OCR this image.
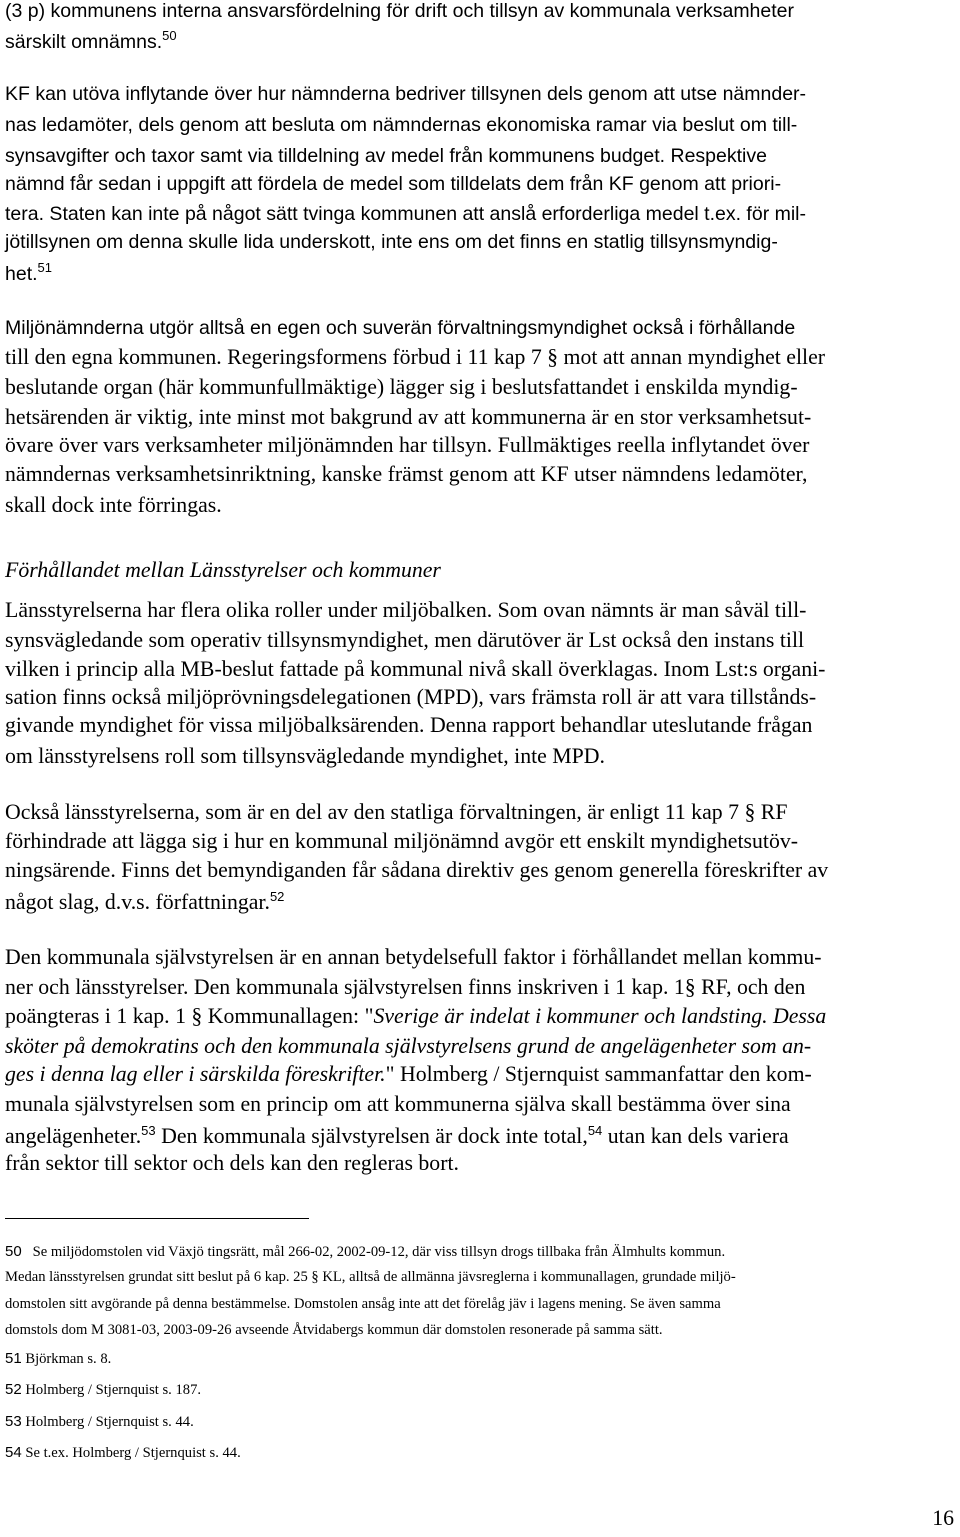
(3 p) kommunens interna ansvarsfördelning för drift och tillsyn av kommunala verksamheter
särskilt omnämns.$^{50}$
KF kan utöva inflytande över hur nämnderna bedriver tillsynen dels genom att utse nämnder-
nas ledamöter, dels genom att besluta om nämndernas ekonomiska ramar via beslut om till-
synsavgifter och taxor samt via tilldelning av medel från kommunens budget. Respektive
nämnd får sedan i uppgift att fördela de medel som tilldelats dem från KF genom att priori-
tera. Staten kan inte på något sätt tvinga kommunen att anslå erforderliga medel t.ex. för mil-
jötillsynen om denna skulle lida underskott, inte ens om det finns en statlig tillsynsmyndig-
het.$^{51}$
Miljönämnderna utgör alltså en egen och suverän förvaltningsmyndighet också i förhållande
till den egna kommunen. Regeringsformens förbud i 11 kap 7 § mot att annan myndighet eller
beslutande organ (här kommunfullmäktige) lägger sig i beslutsfattandet i enskilda myndig-
hetsärenden är viktig, inte minst mot bakgrund av att kommunerna är en stor verksamhetsut-
övare över vars verksamheter miljönämnden har tillsyn. Fullmäktiges reella inflytandet över
nämndernas verksamhetsinriktning, kanske främst genom att KF utser nämndens ledamöter,
skall dock inte förringas.
Förhållandet mellan Länsstyrelser och kommuner
Länsstyrelserna har flera olika roller under miljöbalken. Som ovan nämnts är man såväl till-
synsvägledande som operativ tillsynsmyndighet, men därutöver är Lst också den instans till
vilken i princip alla MB-beslut fattade på kommunal nivå skall överklagas. Inom Lst:s organi-
sation finns också miljöprövningsdelegationen (MPD), vars främsta roll är att vara tillstånds-
givande myndighet för vissa miljöbalksärenden. Denna rapport behandlar uteslutande frågan
om länsstyrelsens roll som tillsynsvägledande myndighet, inte MPD.
Också länsstyrelserna, som är en del av den statliga förvaltningen, är enligt 11 kap 7 § RF
förhindrade att lägga sig i hur en kommunal miljönämnd avgör ett enskilt myndighetsutöv-
ningsärende. Finns det bemyndiganden får sådana direktiv ges genom generella föreskrifter av
något slag, d.v.s. författningar.$^{52}$
Den kommunala självstyrelsen är en annan betydelsefull faktor i förhållandet mellan kommu-
ner och länsstyrelser. Den kommunala självstyrelsen finns inskriven i 1 kap. 1§ RF, och den
poängteras i 1 kap. 1 § Kommunallagen: "Sverige är indelat i kommuner och landsting. Dessa
sköter på demokratins och den kommunala självstyrelsens grund de angelägenheter som an-
ges i denna lag eller i särskilda föreskrifter." Holmberg / Stjernquist sammanfattar den kom-
munala självstyrelsen som en princip om att kommunerna själva skall bestämma över sina
angelägenheter.$^{53}$ Den kommunala självstyrelsen är dock inte total,$^{54}$ utan kan dels variera
från sektor till sektor och dels kan den regleras bort.
50 Se miljödomstolen vid Växjö tingsrätt, mål 266-02, 2002-09-12, där viss tillsyn drogs tillbaka från Älmhults kommun.
Medan länsstyrelsen grundat sitt beslut på 6 kap. 25 § KL, alltså de allmänna jävsreglerna i kommunallagen, grundade miljö-
domstolen sitt avgörande på denna bestämmelse. Domstolen ansåg inte att det förelåg jäv i lagens mening. Se även samma
domstols dom M 3081-03, 2003-09-26 avseende Åtvidabergs kommun där domstolen resonerade på samma sätt.
51 Björkman s. 8.
52 Holmberg / Stjernquist s. 187.
53 Holmberg / Stjernquist s. 44.
54 Se t.ex. Holmberg / Stjernquist s. 44.
16
